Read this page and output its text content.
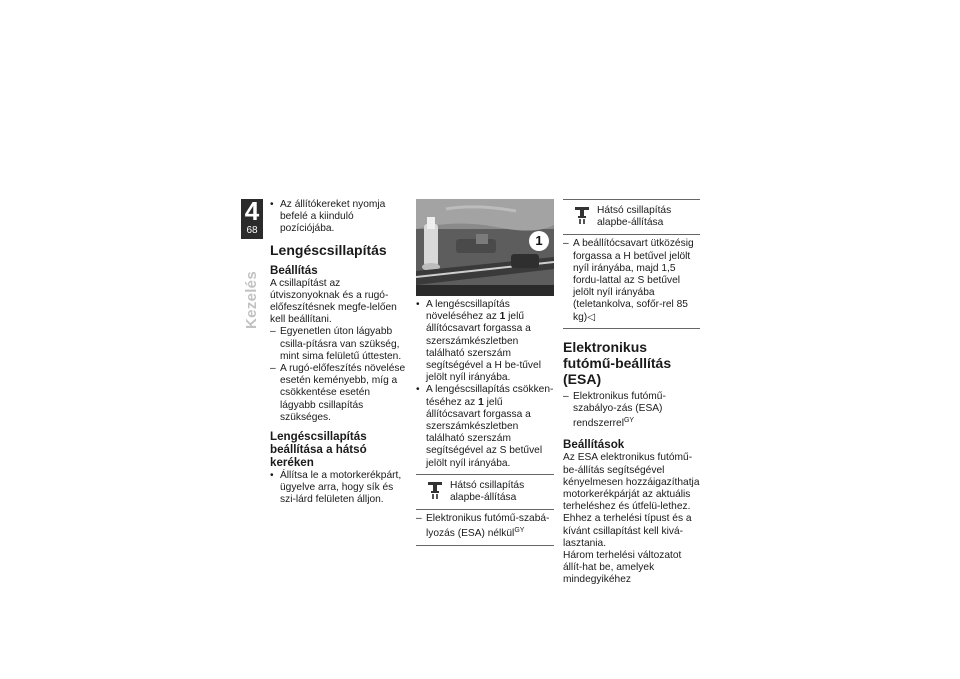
4
68
Kezelés

• Az állítókereket nyomja befelé a kiinduló pozíciójába.

Lengéscsillapítás
Beállítás

A csillapítást az útviszonyoknak és a rugó-előfeszítésnek megfe-lelően kell beállítani.

– Egyenetlen úton lágyabb csilla-pításra van szükség, mint sima felületű úttesten.

– A rugó-előfeszítés növelése esetén keményebb, míg a csökkentése esetén lágyabb csillapítás szükséges.

Lengéscsillapítás beállítása a hátsó keréken

• Állítsa le a motorkerékpárt, ügyelve arra, hogy sík és szi-lárd felületen álljon.

1

• A lengéscsillapítás növeléséhez az 1 jelű állítócsavart forgassa a szerszámkészletben található szerszám segítségével a H be-tűvel jelölt nyíl irányába.

• A lengéscsillapítás csökken-téséhez az 1 jelű állítócsavart forgassa a szerszámkészletben található szerszám segítségével az S betűvel jelölt nyíl irányába.

Hátsó csillapítás alapbe-állítása

– Elektronikus futómű-szabá-lyozás (ESA) nélkül$^{GY}$

Hátsó csillapítás alapbe-állítása

– A beállítócsavart ütközésig forgassa a H betűvel jelölt nyíl irányába, majd 1,5 fordu-lattal az S betűvel jelölt nyíl irányába (teletankolva, sofőr-rel 85 kg)◁

Elektronikus futómű-beállítás (ESA)

– Elektronikus futómű-szabályo-zás (ESA) rendszerrel$^{GY}$

Beállítások

Az ESA elektronikus futómű-be-állítás segítségével kényelmesen hozzáigazíthatja motorkerékpárját az aktuális terheléshez és útfelü-lethez. Ehhez a terhelési típust és a kívánt csillapítást kell kivá-lasztania.

Három terhelési változatot állít-hat be, amelyek mindegyikéhez
